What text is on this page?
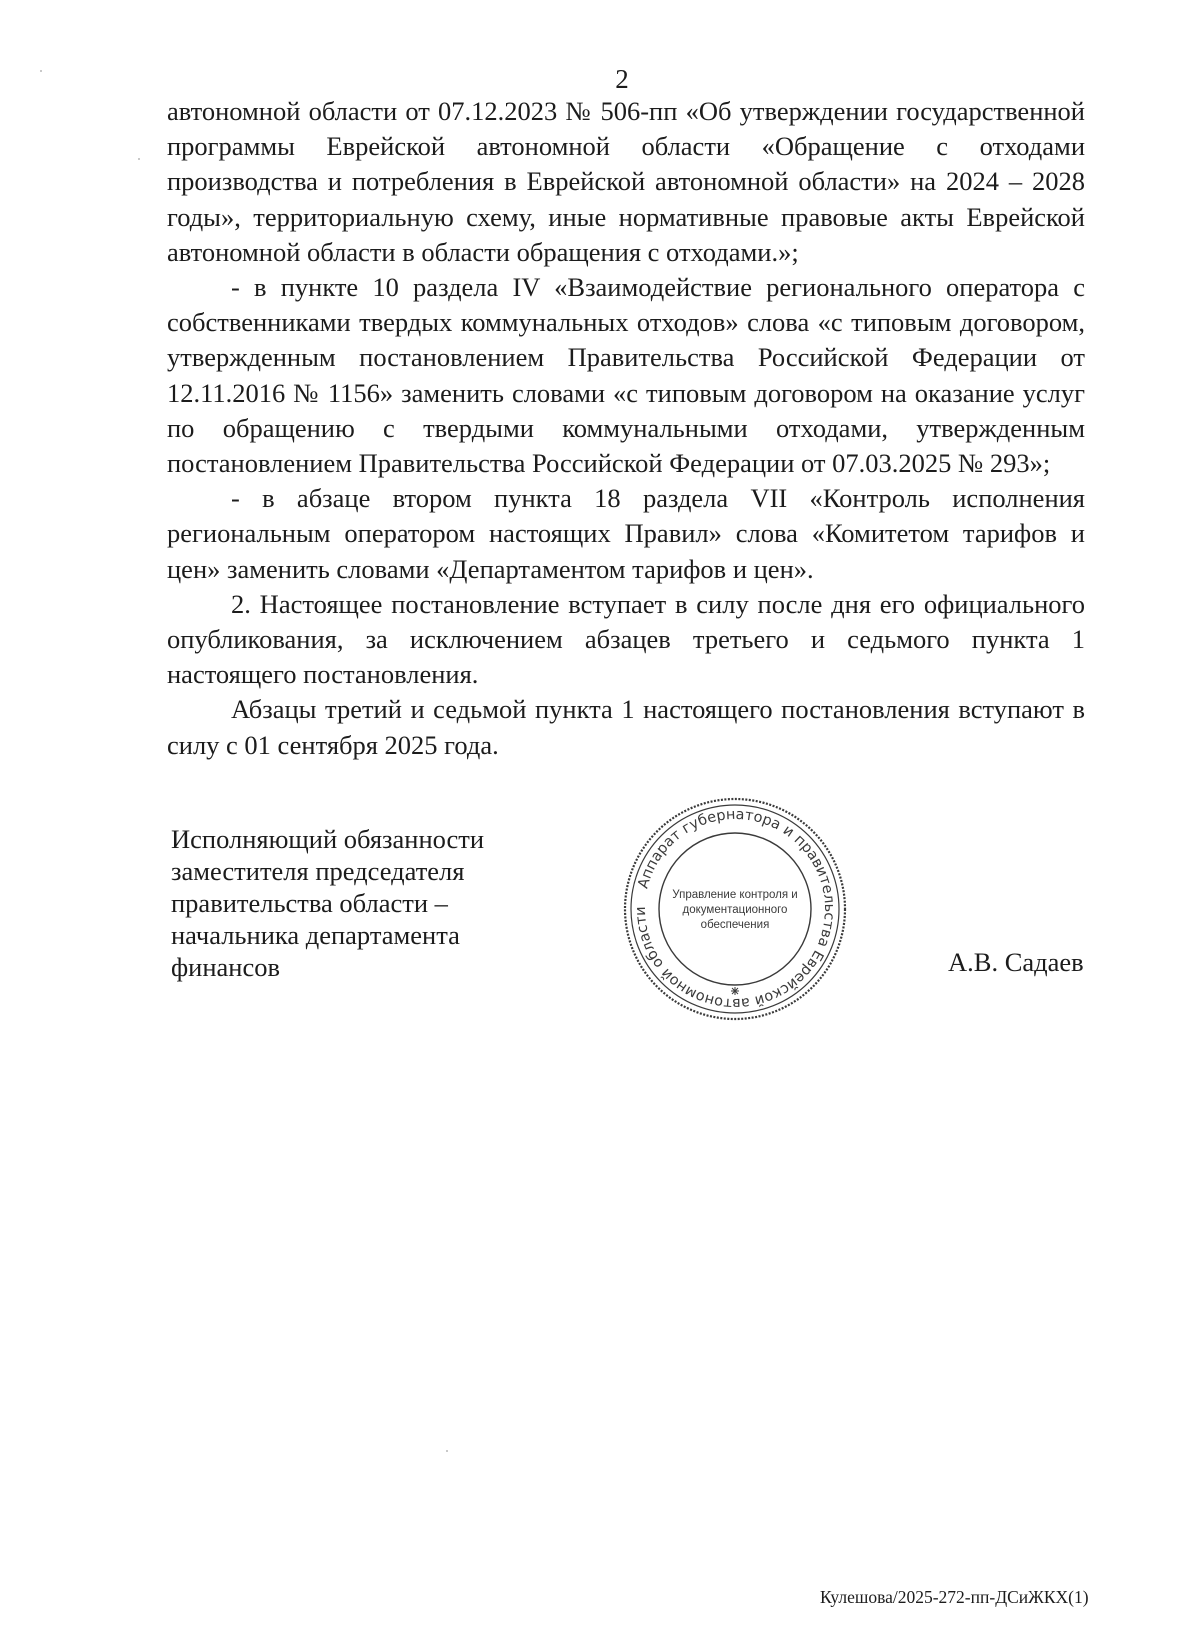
2

автономной области от 07.12.2023 № 506-пп «Об утверждении государственной программы Еврейской автономной области «Обращение с отходами производства и потребления в Еврейской автономной области» на 2024 – 2028 годы», территориальную схему, иные нормативные правовые акты Еврейской автономной области в области обращения с отходами.»;

- в пункте 10 раздела IV «Взаимодействие регионального оператора с собственниками твердых коммунальных отходов» слова «с типовым договором, утвержденным постановлением Правительства Российской Федерации от 12.11.2016 № 1156» заменить словами «с типовым договором на оказание услуг по обращению с твердыми коммунальными отходами, утвержденным постановлением Правительства Российской Федерации от 07.03.2025 № 293»;

- в абзаце втором пункта 18 раздела VII «Контроль исполнения региональным оператором настоящих Правил» слова «Комитетом тарифов и цен» заменить словами «Департаментом тарифов и цен».

2. Настоящее постановление вступает в силу после дня его официального опубликования, за исключением абзацев третьего и седьмого пункта 1 настоящего постановления.

Абзацы третий и седьмой пункта 1 настоящего постановления вступают в силу с 01 сентября 2025 года.

Исполняющий обязанности
заместителя председателя
правительства области –
начальника департамента
финансов
Аппарат губернатора и правительства Еврейской автономной области
Управление контроля и
документационного
обеспечения
А.В. Садаев
Кулешова/2025-272-пп-ДСиЖКХ(1)
